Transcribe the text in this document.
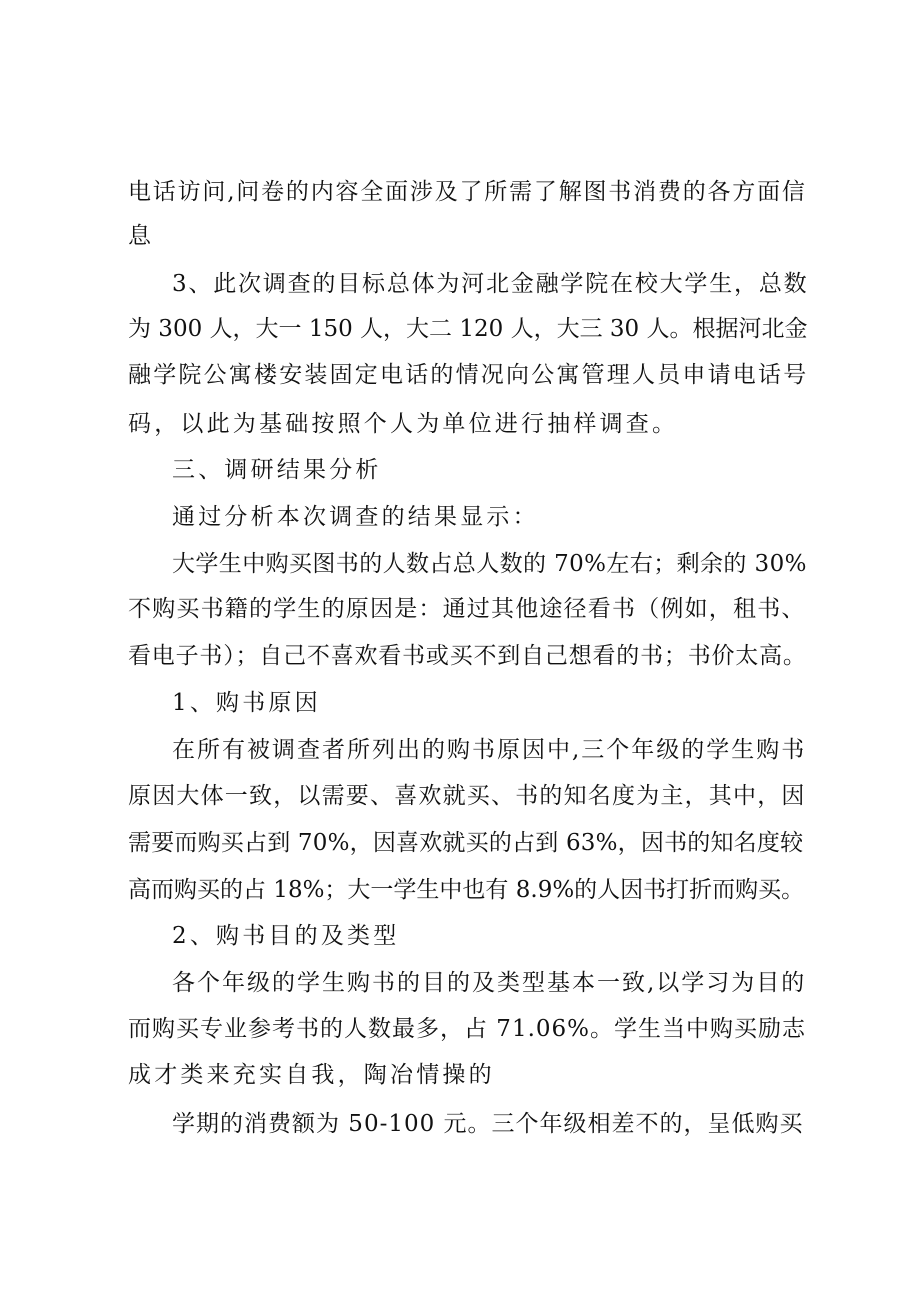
电话访问,问卷的内容全面涉及了所需了解图书消费的各方面信
息
3、此次调查的目标总体为河北金融学院在校大学生，总数
为 300 人，大一 150 人，大二 120 人，大三 30 人。根据河北金
融学院公寓楼安装固定电话的情况向公寓管理人员申请电话号
码，以此为基础按照个人为单位进行抽样调查。
三、调研结果分析
通过分析本次调查的结果显示：
大学生中购买图书的人数占总人数的 70%左右；剩余的 30%
不购买书籍的学生的原因是：通过其他途径看书（例如，租书、
看电子书）；自己不喜欢看书或买不到自己想看的书；书价太高。
1、购书原因
在所有被调查者所列出的购书原因中,三个年级的学生购书
原因大体一致，以需要、喜欢就买、书的知名度为主，其中，因
需要而购买占到 70%，因喜欢就买的占到 63%，因书的知名度较
高而购买的占 18%；大一学生中也有 8.9%的人因书打折而购买。
2、购书目的及类型
各个年级的学生购书的目的及类型基本一致,以学习为目的
而购买专业参考书的人数最多，占 71.06%。学生当中购买励志
成才类来充实自我，陶冶情操的
学期的消费额为 50-100 元。三个年级相差不的，呈低购买
